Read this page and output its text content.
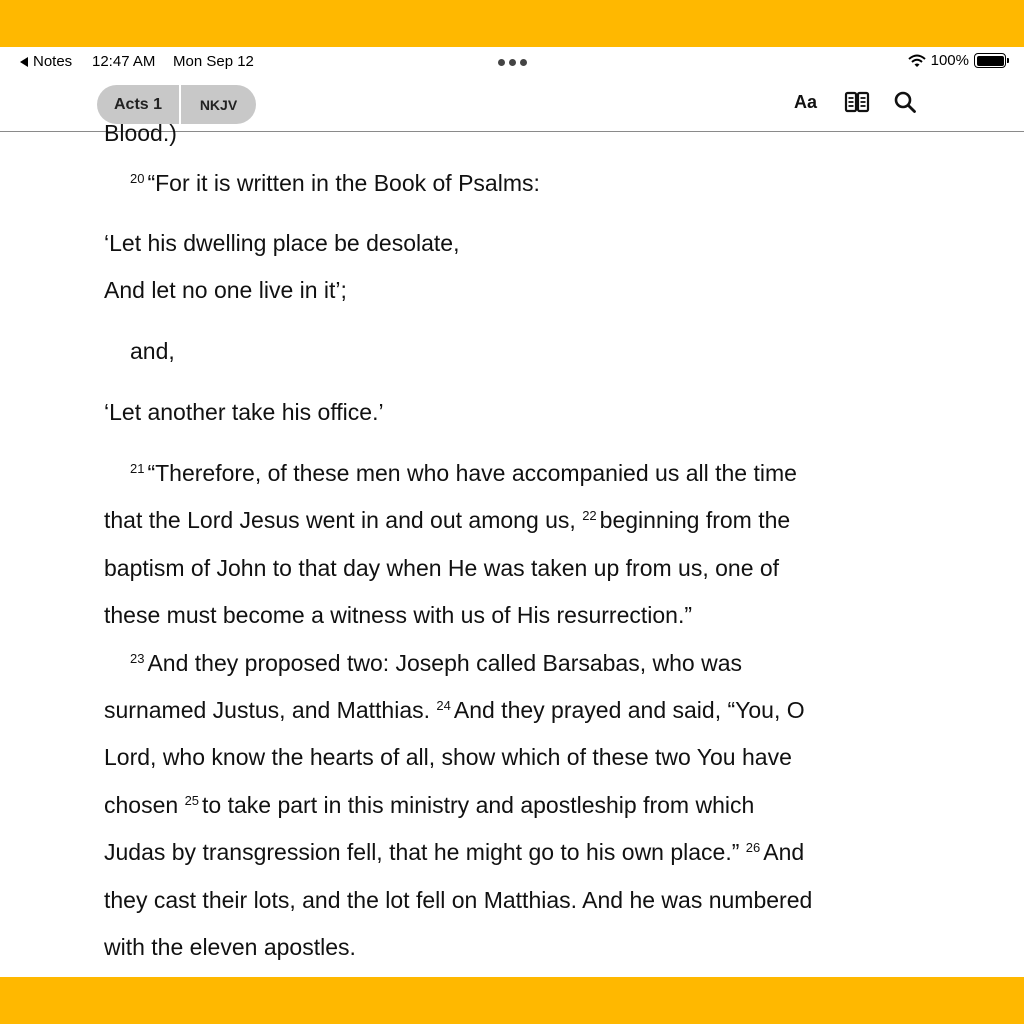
Notes 12:47 AM Mon Sep 12	100%
Acts 1	NKJV	Aa

Blood.)

$^{20}$ “For it is written in the Book of Psalms:

‘Let his dwelling place be desolate,

And let no one live in it’;

and,

‘Let another take his office.’

$^{21}$ “Therefore, of these men who have accompanied us all the time

that the Lord Jesus went in and out among us, $^{22}$ beginning from the

baptism of John to that day when He was taken up from us, one of

these must become a witness with us of His resurrection.”

$^{23}$ And they proposed two: Joseph called Barsabas, who was

surnamed Justus, and Matthias. $^{24}$ And they prayed and said, “You, O

Lord, who know the hearts of all, show which of these two You have

chosen $^{25}$ to take part in this ministry and apostleship from which

Judas by transgression fell, that he might go to his own place.” $^{26}$ And

they cast their lots, and the lot fell on Matthias. And he was numbered

with the eleven apostles.
